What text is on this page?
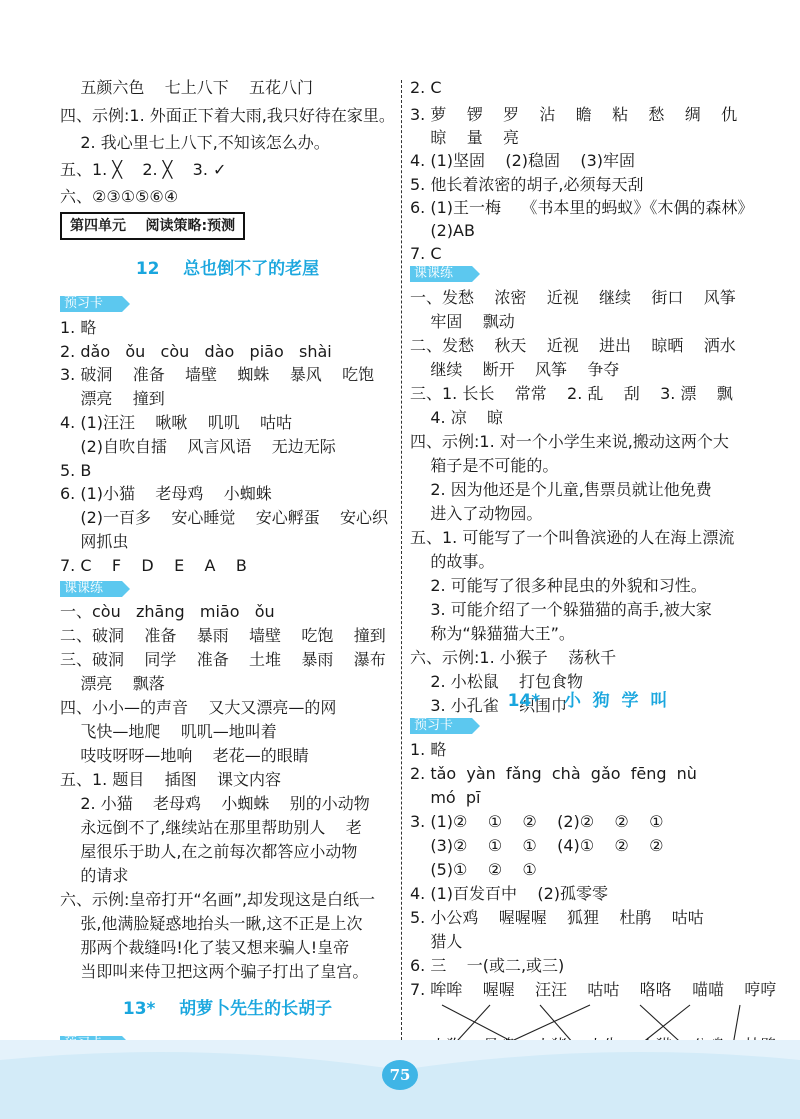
五颜六色    七上八下    五花八门
四、示例:1. 外面正下着大雨,我只好待在家里。
2. 我心里七上八下,不知该怎么办。
五、1. ╳    2. ╳    3. ✓
六、②③①⑤⑥④
第四单元    阅读策略:预测
12    总也倒不了的老屋
预习卡
1. 略
2. dǎo   ǒu   còu   dào   piāo   shài
3. 破洞    准备    墙壁    蜘蛛    暴风    吃饱
漂亮    撞到
4. (1)汪汪    啾啾    叽叽    咕咕
(2)自吹自擂    风言风语    无边无际
5. B
6. (1)小猫    老母鸡    小蜘蛛
(2)一百多    安心睡觉    安心孵蛋    安心织
网抓虫
7. C    F    D    E    A    B
课课练
一、còu   zhāng   miāo   ǒu
二、破洞    准备    暴雨    墙壁    吃饱    撞到
三、破洞    同学    准备    土堆    暴雨    瀑布
漂亮    飘落
四、小小—的声音    又大又漂亮—的网
飞快—地爬    叽叽—地叫着
吱吱呀呀—地响    老花—的眼睛
五、1. 题目    插图    课文内容
2. 小猫    老母鸡    小蜘蛛    别的小动物
永远倒不了,继续站在那里帮助别人    老
屋很乐于助人,在之前每次都答应小动物
的请求
六、示例:皇帝打开“名画”,却发现这是白纸一
张,他满脸疑惑地抬头一瞅,这不正是上次
那两个裁缝吗!化了装又想来骗人!皇帝
当即叫来侍卫把这两个骗子打出了皇宫。
13*    胡萝卜先生的长胡子
2. C
3. 萝    锣    罗    沾    瞻    粘    愁    绸    仇
晾    量    亮
4. (1)坚固    (2)稳固    (3)牢固
5. 他长着浓密的胡子,必须每天刮
6. (1)王一梅    《书本里的蚂蚁》《木偶的森林》
(2)AB
7. C
课课练
一、发愁    浓密    近视    继续    街口    风筝
牢固    飘动
二、发愁    秋天    近视    进出    晾晒    洒水
继续    断开    风筝    争夺
三、1. 长长    常常    2. 乱    刮    3. 漂    飘
4. 凉    晾
四、示例:1. 对一个小学生来说,搬动这两个大
箱子是不可能的。
2. 因为他还是个儿童,售票员就让他免费
进入了动物园。
五、1. 可能写了一个叫鲁滨逊的人在海上漂流
的故事。
2. 可能写了很多种昆虫的外貌和习性。
3. 可能介绍了一个躲猫猫的高手,被大家
称为“躲猫猫大王”。
六、示例:1. 小猴子    荡秋千
2. 小松鼠    打包食物
3. 小孔雀    织围巾
14*    小  狗  学  叫
预习卡
1. 略
2. tǎo  yàn  fǎng  chà  gǎo  fēng  nù
mó  pī
3. (1)②    ①    ②    (2)②    ②    ①
(3)②    ①    ①    (4)①    ②    ②
(5)①    ②    ①
4. (1)百发百中    (2)孤零零
5. 小公鸡    喔喔喔    狐狸    杜鹃    咕咕
猎人
6. 三    一(或二,或三)
7. 哞哞    喔喔    汪汪    咕咕    咯咯    喵喵    哼哼
75
